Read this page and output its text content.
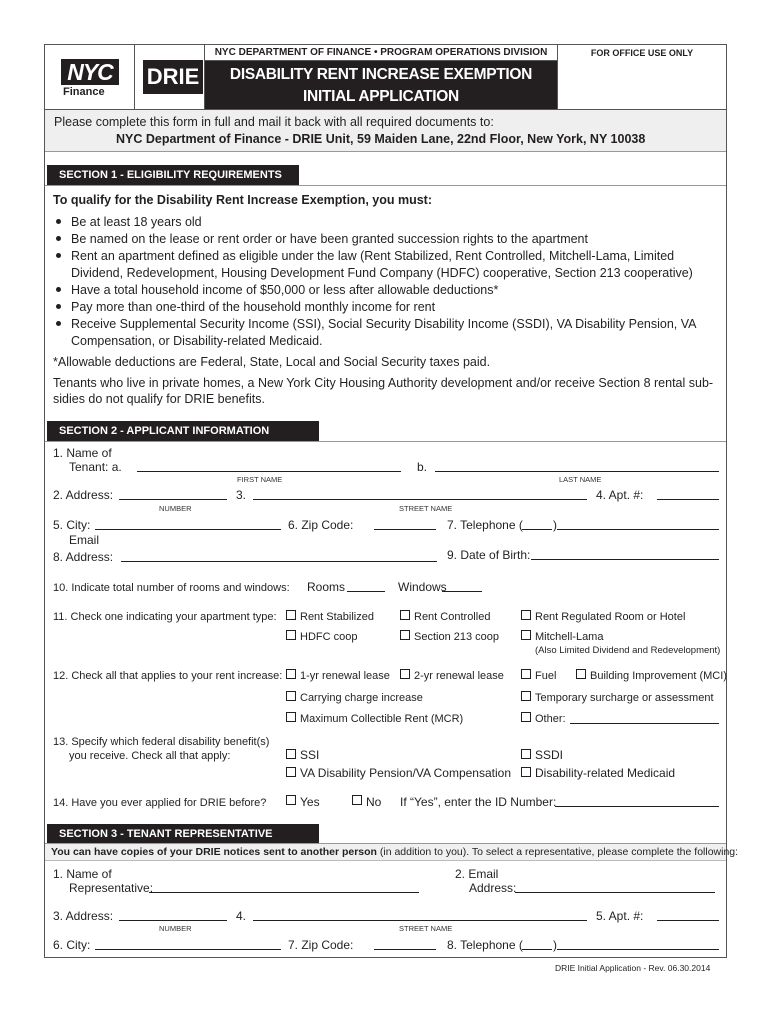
NYC
Finance
DRIE
NYC DEPARTMENT OF FINANCE • PROGRAM OPERATIONS DIVISION
DISABILITY RENT INCREASE EXEMPTION
INITIAL APPLICATION
FOR OFFICE USE ONLY
Please complete this form in full and mail it back with all required documents to:
NYC Department of Finance - DRIE Unit, 59 Maiden Lane, 22nd Floor, New York, NY 10038
SECTION 1 - ELIGIBILITY REQUIREMENTS
To qualify for the Disability Rent Increase Exemption, you must:
Be at least 18 years old
Be named on the lease or rent order or have been granted succession rights to the apartment
Rent an apartment defined as eligible under the law (Rent Stabilized, Rent Controlled, Mitchell-Lama, Limited
Dividend, Redevelopment, Housing Development Fund Company (HDFC) cooperative, Section 213 cooperative)
Have a total household income of $50,000 or less after allowable deductions*
Pay more than one-third of the household monthly income for rent
Receive Supplemental Security Income (SSI), Social Security Disability Income (SSDI), VA Disability Pension, VA
Compensation, or Disability-related Medicaid.
*Allowable deductions are Federal, State, Local and Social Security taxes paid.
Tenants who live in private homes, a New York City Housing Authority development and/or receive Section 8 rental sub-
sidies do not qualify for DRIE benefits.
SECTION 2 - APPLICANT INFORMATION
1. Name of
Tenant: a.	b.
FIRST NAME	LAST NAME
2. Address:	3.	4. Apt. #:
NUMBER	STREET NAME
5. City:	6. Zip Code:	7. Telephone (	)
Email
8. Address:	9. Date of Birth:
10. Indicate total number of rooms and windows: Rooms	Windows
11. Check one indicating your apartment type: Rent Stabilized	Rent Controlled	Rent Regulated Room or Hotel
HDFC coop	Section 213 coop	Mitchell-Lama
(Also Limited Dividend and Redevelopment)
12. Check all that applies to your rent increase: 1-yr renewal lease 2-yr renewal lease	Fuel	Building Improvement (MCI)
Carrying charge increase	Temporary surcharge or assessment
Maximum Collectible Rent (MCR)	Other:
13. Specify which federal disability benefit(s)
you receive. Check all that apply:	SSI	SSDI
VA Disability Pension/VA Compensation Disability-related Medicaid
14. Have you ever applied for DRIE before?	Yes	No If “Yes”, enter the ID Number:
SECTION 3 - TENANT REPRESENTATIVE
You can have copies of your DRIE notices sent to another person (in addition to you). To select a representative, please complete the following:
1. Name of
Representative:
2. Email
Address:
3. Address:	4.	5. Apt. #:
NUMBER	STREET NAME
6. City:	7. Zip Code:	8. Telephone (	)
DRIE Initial Application - Rev. 06.30.2014
